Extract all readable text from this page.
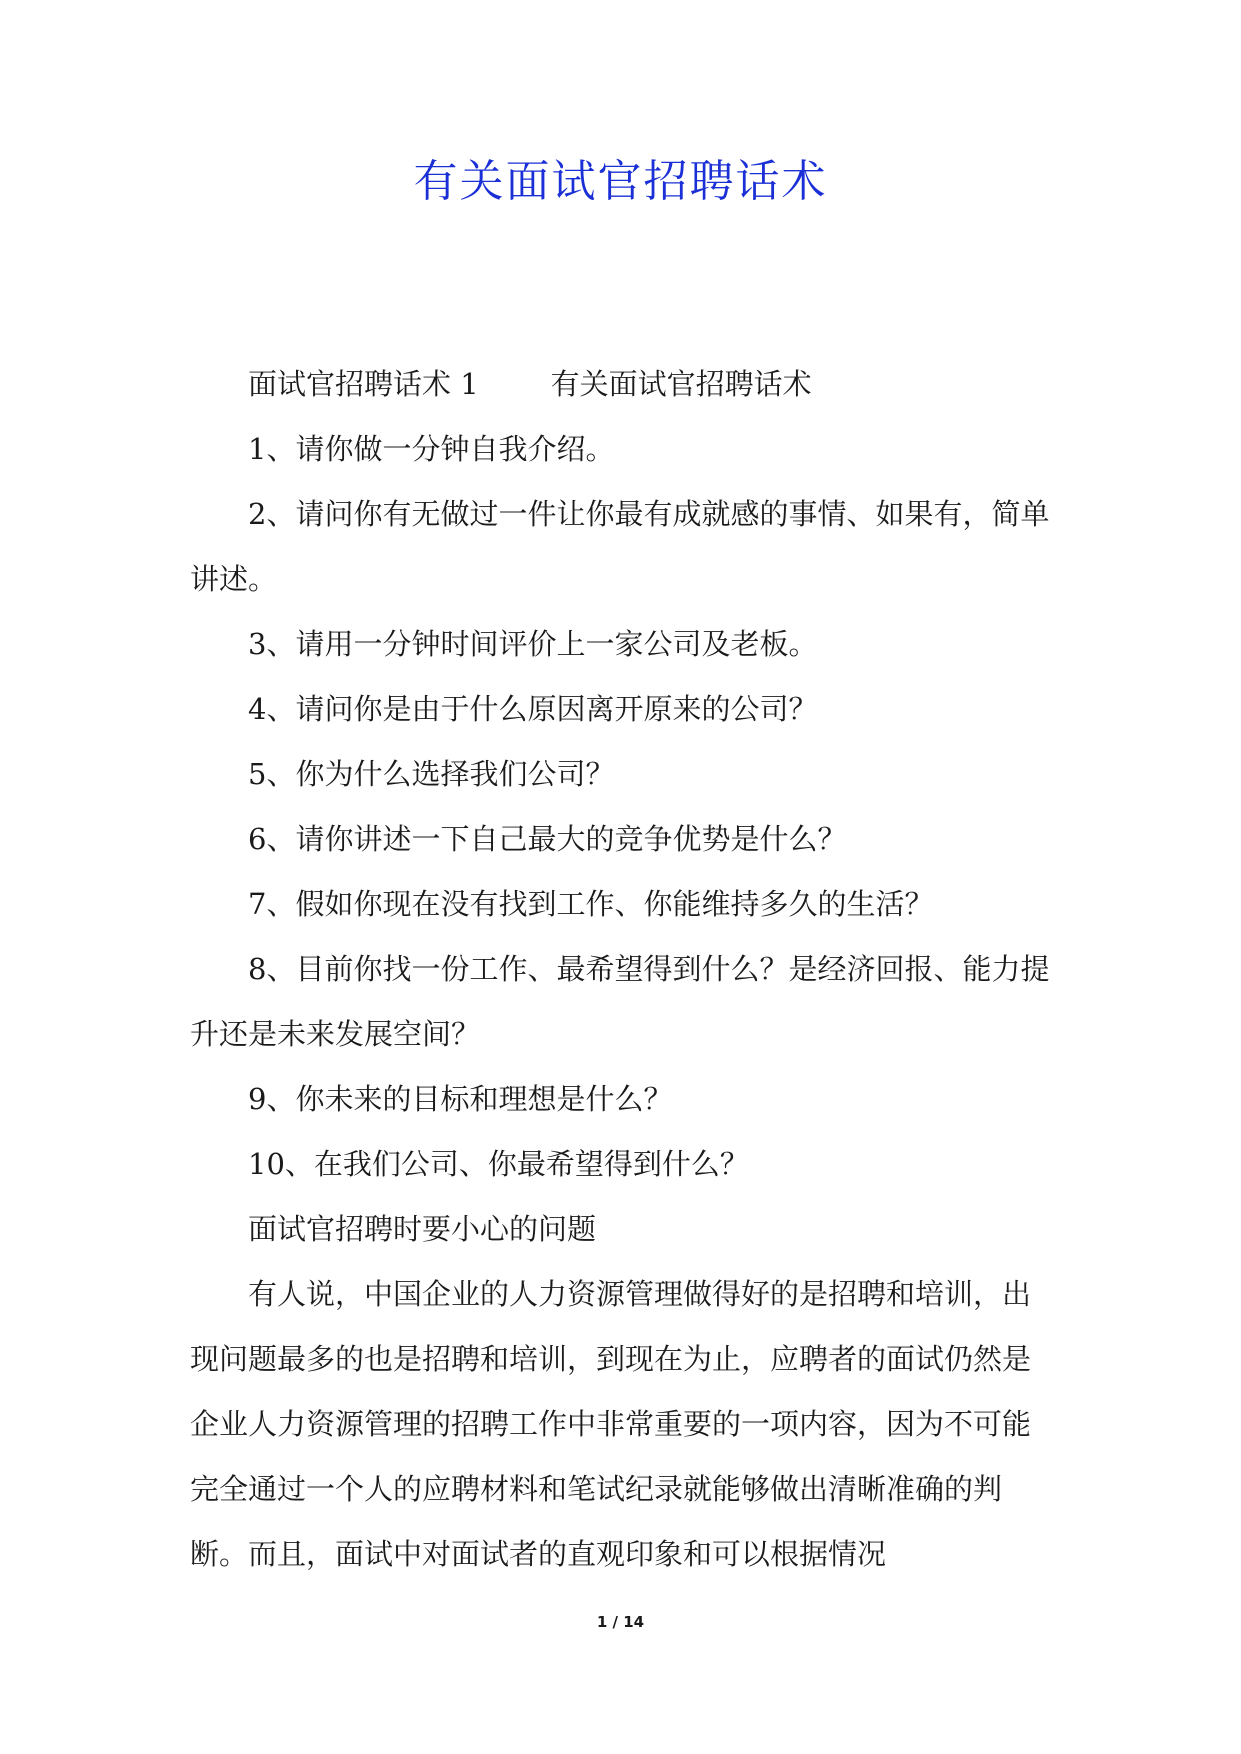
有关面试官招聘话术

面试官招聘话术 1 有关面试官招聘话术

1、请你做一分钟自我介绍。

2、请问你有无做过一件让你最有成就感的事情、如果有，简单讲述。

3、请用一分钟时间评价上一家公司及老板。

4、请问你是由于什么原因离开原来的公司？

5、你为什么选择我们公司？

6、请你讲述一下自己最大的竞争优势是什么？

7、假如你现在没有找到工作、你能维持多久的生活？

8、目前你找一份工作、最希望得到什么？是经济回报、能力提升还是未来发展空间？

9、你未来的目标和理想是什么？

10、在我们公司、你最希望得到什么？

面试官招聘时要小心的问题

有人说，中国企业的人力资源管理做得好的是招聘和培训，出现问题最多的也是招聘和培训，到现在为止，应聘者的面试仍然是企业人力资源管理的招聘工作中非常重要的一项内容，因为不可能完全通过一个人的应聘材料和笔试纪录就能够做出清晰准确的判断。而且，面试中对面试者的直观印象和可以根据情况

1 / 14
